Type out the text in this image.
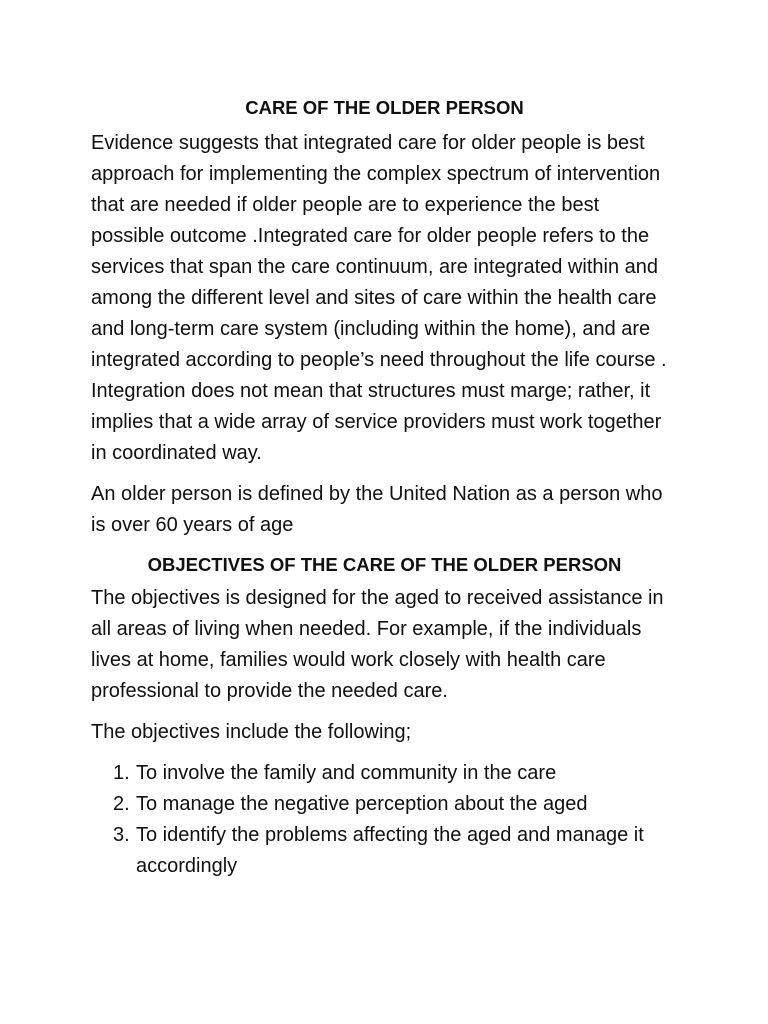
CARE OF THE OLDER PERSON

Evidence suggests that integrated care for older people is best approach for implementing the complex spectrum of intervention that are needed if older people are to experience the best possible outcome .Integrated care for older people refers to the services that span the care continuum, are integrated within and among the different level and sites of care within the health care and long-term care system (including within the home), and are integrated according to people’s need throughout the life course . Integration does not mean that structures must marge; rather, it implies that a wide array of service providers must work together in coordinated way.

An older person is defined by the United Nation as a person who is over 60 years of age

OBJECTIVES OF THE CARE OF THE OLDER PERSON

The objectives is designed for the aged to received assistance in all areas of living when needed. For example, if the individuals lives at home, families would work closely with health care professional to provide the needed care.

The objectives include the following;

1. To involve the family and community in the care
2. To manage the negative perception about the aged
3. To identify the problems affecting the aged and manage it accordingly
